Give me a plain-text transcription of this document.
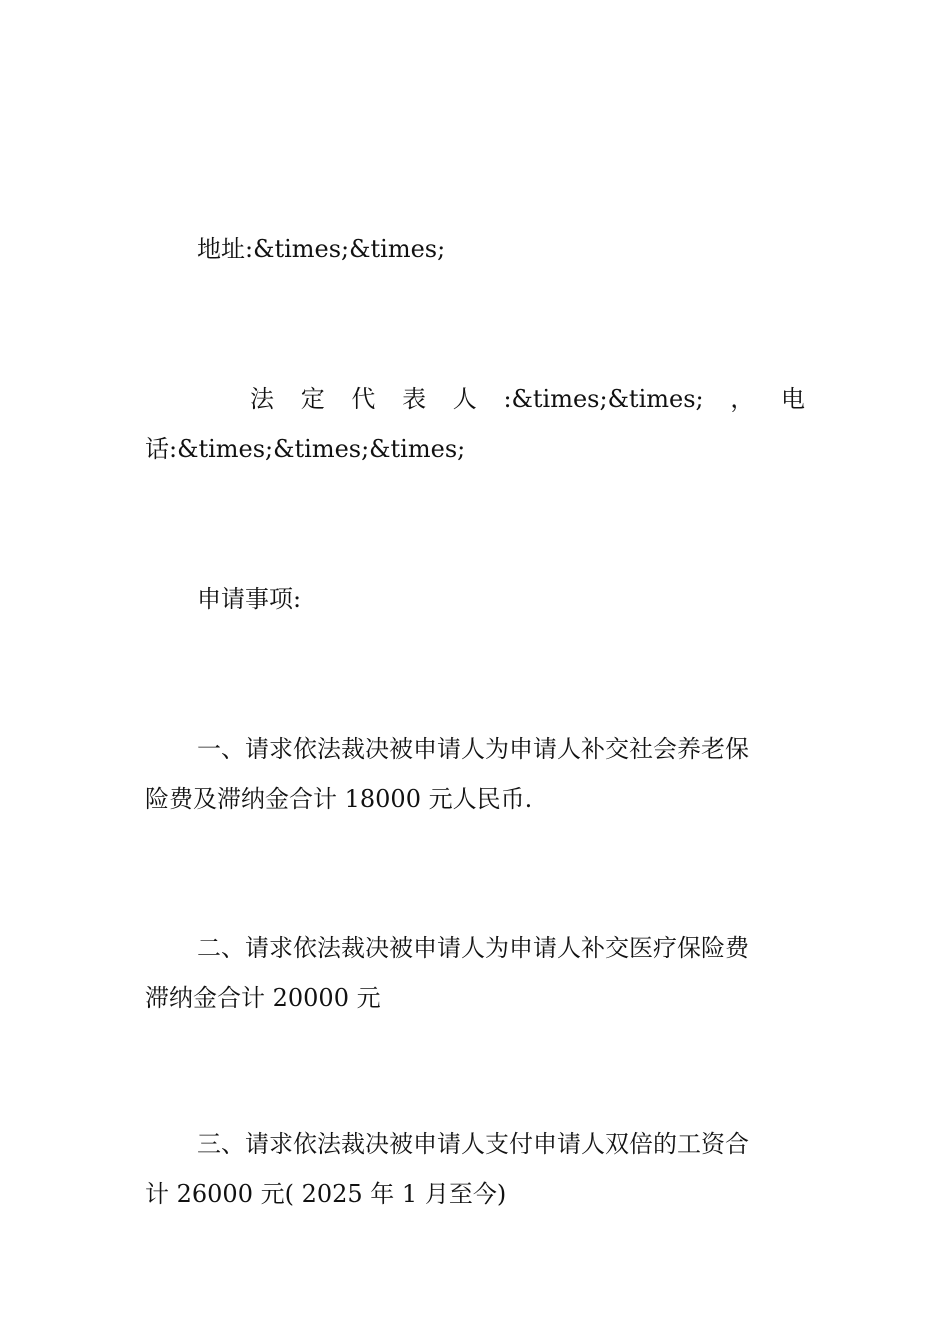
地址:&times;&times;
法 定 代 表 人 :&times;&times; ， 电
话:&times;&times;&times;
申请事项:
一、请求依法裁决被申请人为申请人补交社会养老保
险费及滞纳金合计 18000 元人民币.
二、请求依法裁决被申请人为申请人补交医疗保险费
滞纳金合计 20000 元
三、请求依法裁决被申请人支付申请人双倍的工资合
计 26000 元( 2025 年 1 月至今)
